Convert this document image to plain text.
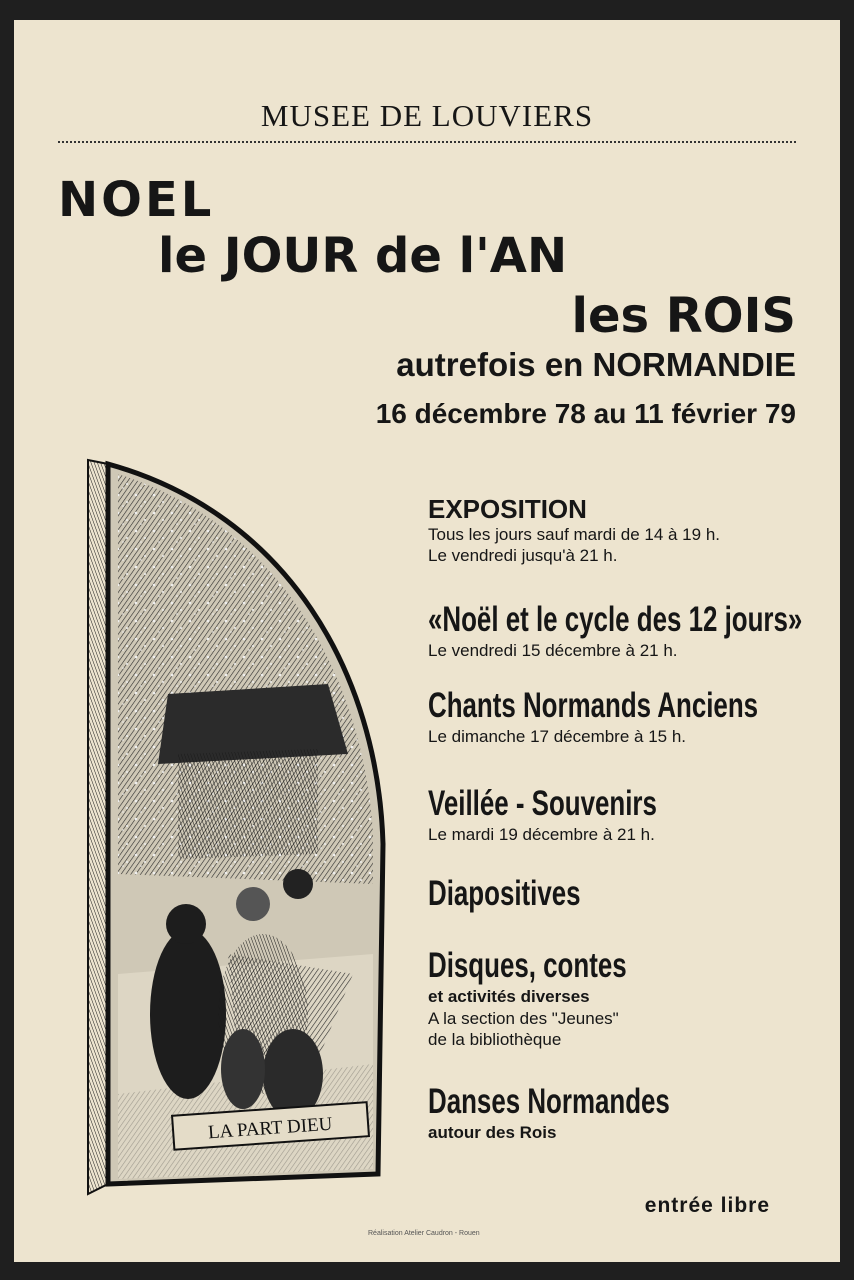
MUSEE DE LOUVIERS
NOEL
le JOUR de l'AN
les ROIS
autrefois en NORMANDIE
16 décembre 78 au 11 février 79
LA PART DIEU
EXPOSITION
Tous les jours sauf mardi de 14 à 19 h.
Le vendredi jusqu'à 21 h.
«Noël et le cycle des 12 jours»
Le vendredi 15 décembre à 21 h.
Chants Normands Anciens
Le dimanche 17 décembre à 15 h.
Veillée - Souvenirs
Le mardi 19 décembre à 21 h.
Diapositives
Disques, contes
et activités diverses
A la section des "Jeunes"
de la bibliothèque
Danses Normandes
autour des Rois
entrée libre
Réalisation Atelier Caudron - Rouen
